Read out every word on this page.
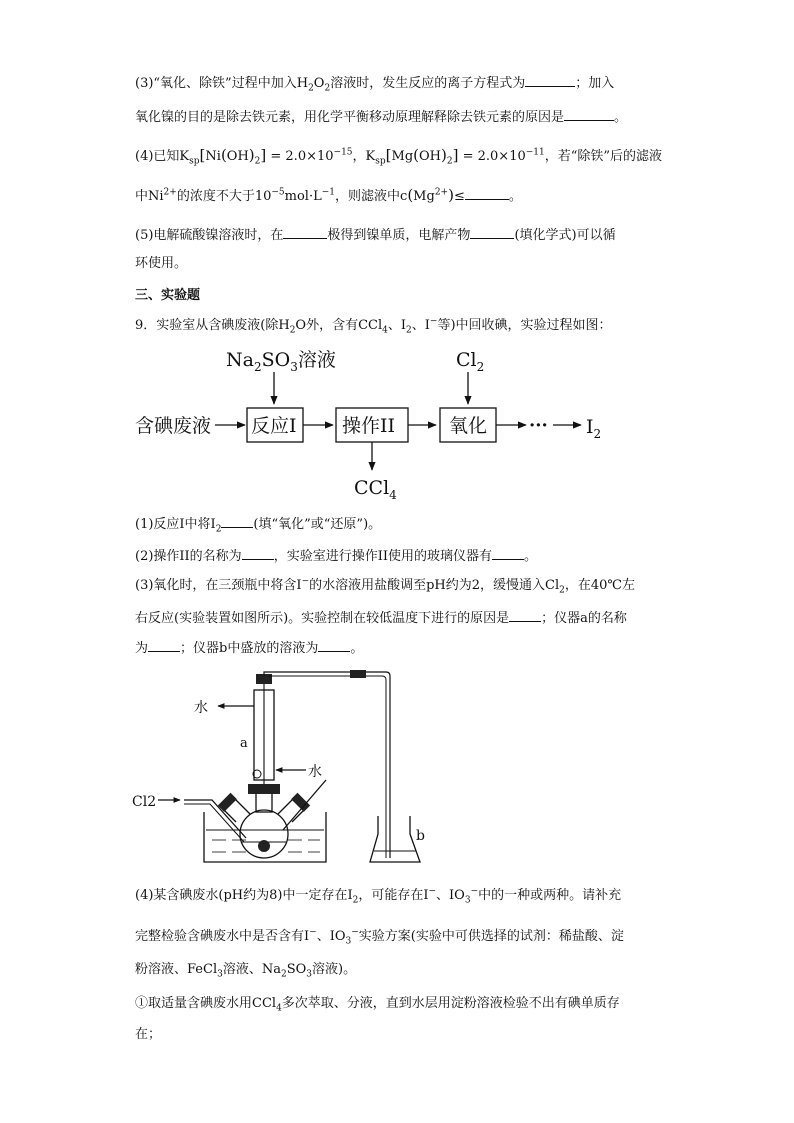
(3)“氧化、除铁”过程中加入$H_2O_2$溶液时，发生反应的离子方程式为	；加入
氧化镍的目的是除去铁元素，用化学平衡移动原理解释除去铁元素的原因是	。
(4)已知$K_{sp}[Ni(OH)_2] = 2.0\times 10^{-15}$，$K_{sp}[Mg(OH)_2] = 2.0\times 10^{-11}$，若“除铁”后的滤液
中$Ni^{2+}$的浓度不大于$10^{-5}mol\cdot L^{-1}$，则滤液中$c(Mg^{2+})\le$	。
(5)电解硫酸镍溶液时，在	极得到镍单质，电解产物	(填化学式)可以循
环使用。
三、实验题
9．实验室从含碘废液(除$H_2O$外，含有CCl$_4$、$I_2$、I−等)中回收碘，实验过程如图：
$Na_2SO_3$溶液
含碘废液 反应I 操作II
CCl$_4$
$Cl_2$
氧化 ··· $I_2$
(1)反应Ⅰ中将$I_2$ (填“氧化”或“还原”)。
(2)操作II的名称为 ，实验室进行操作II使用的玻璃仪器有 。
(3)氧化时，在三颈瓶中将含I−的水溶液用盐酸调至pH约为2，缓慢通入$Cl_2$，在40℃左
右反应(实验装置如图所示)。实验控制在较低温度下进行的原因是 ；仪器a的名称
为 ；仪器b中盛放的溶液为 。
Cl2
a
水
水
b
(4)某含碘废水(pH约为8)中一定存在$I_2$，可能存在I−、$IO_3^-$中的一种或两种。请补充
完整检验含碘废水中是否含有I−、$IO_3^-$实验方案(实验中可供选择的试剂：稀盐酸、淀
粉溶液、FeCl$_3$溶液、$Na_2SO_3$溶液)。
①取适量含碘废水用CCl$_4$多次萃取、分液，直到水层用淀粉溶液检验不出有碘单质存
在；
